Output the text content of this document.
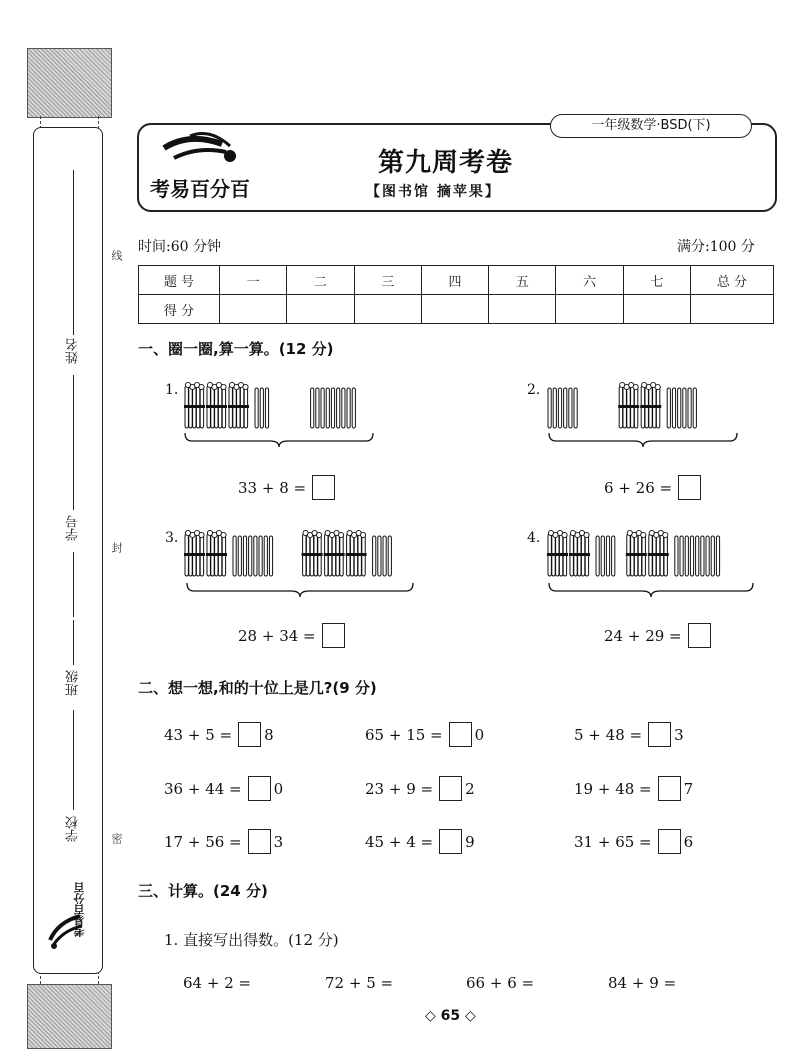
姓名
学号
班级
学校
考易百分百
线
封
密
一年级数学·BSD(下)
考易百分百
第九周考卷
【图书馆 摘苹果】
时间:60 分钟	满分:100 分
题 号	一	二	三	四	五	六	七	总 分
得 分								
一、圈一圈,算一算。(12 分)
1.
33 + 8 =
2.
6 + 26 =
3.
28 + 34 =
4.
24 + 29 =
二、想一想,和的十位上是几?(9 分)
43 + 5 = 8	65 + 15 = 0	5 + 48 = 3
36 + 44 = 0	23 + 9 = 2	19 + 48 = 7
17 + 56 = 3	45 + 4 = 9	31 + 65 = 6
三、计算。(24 分)
1. 直接写出得数。(12 分)
64 + 2 =	72 + 5 =	66 + 6 =	84 + 9 =
◇ 65 ◇
